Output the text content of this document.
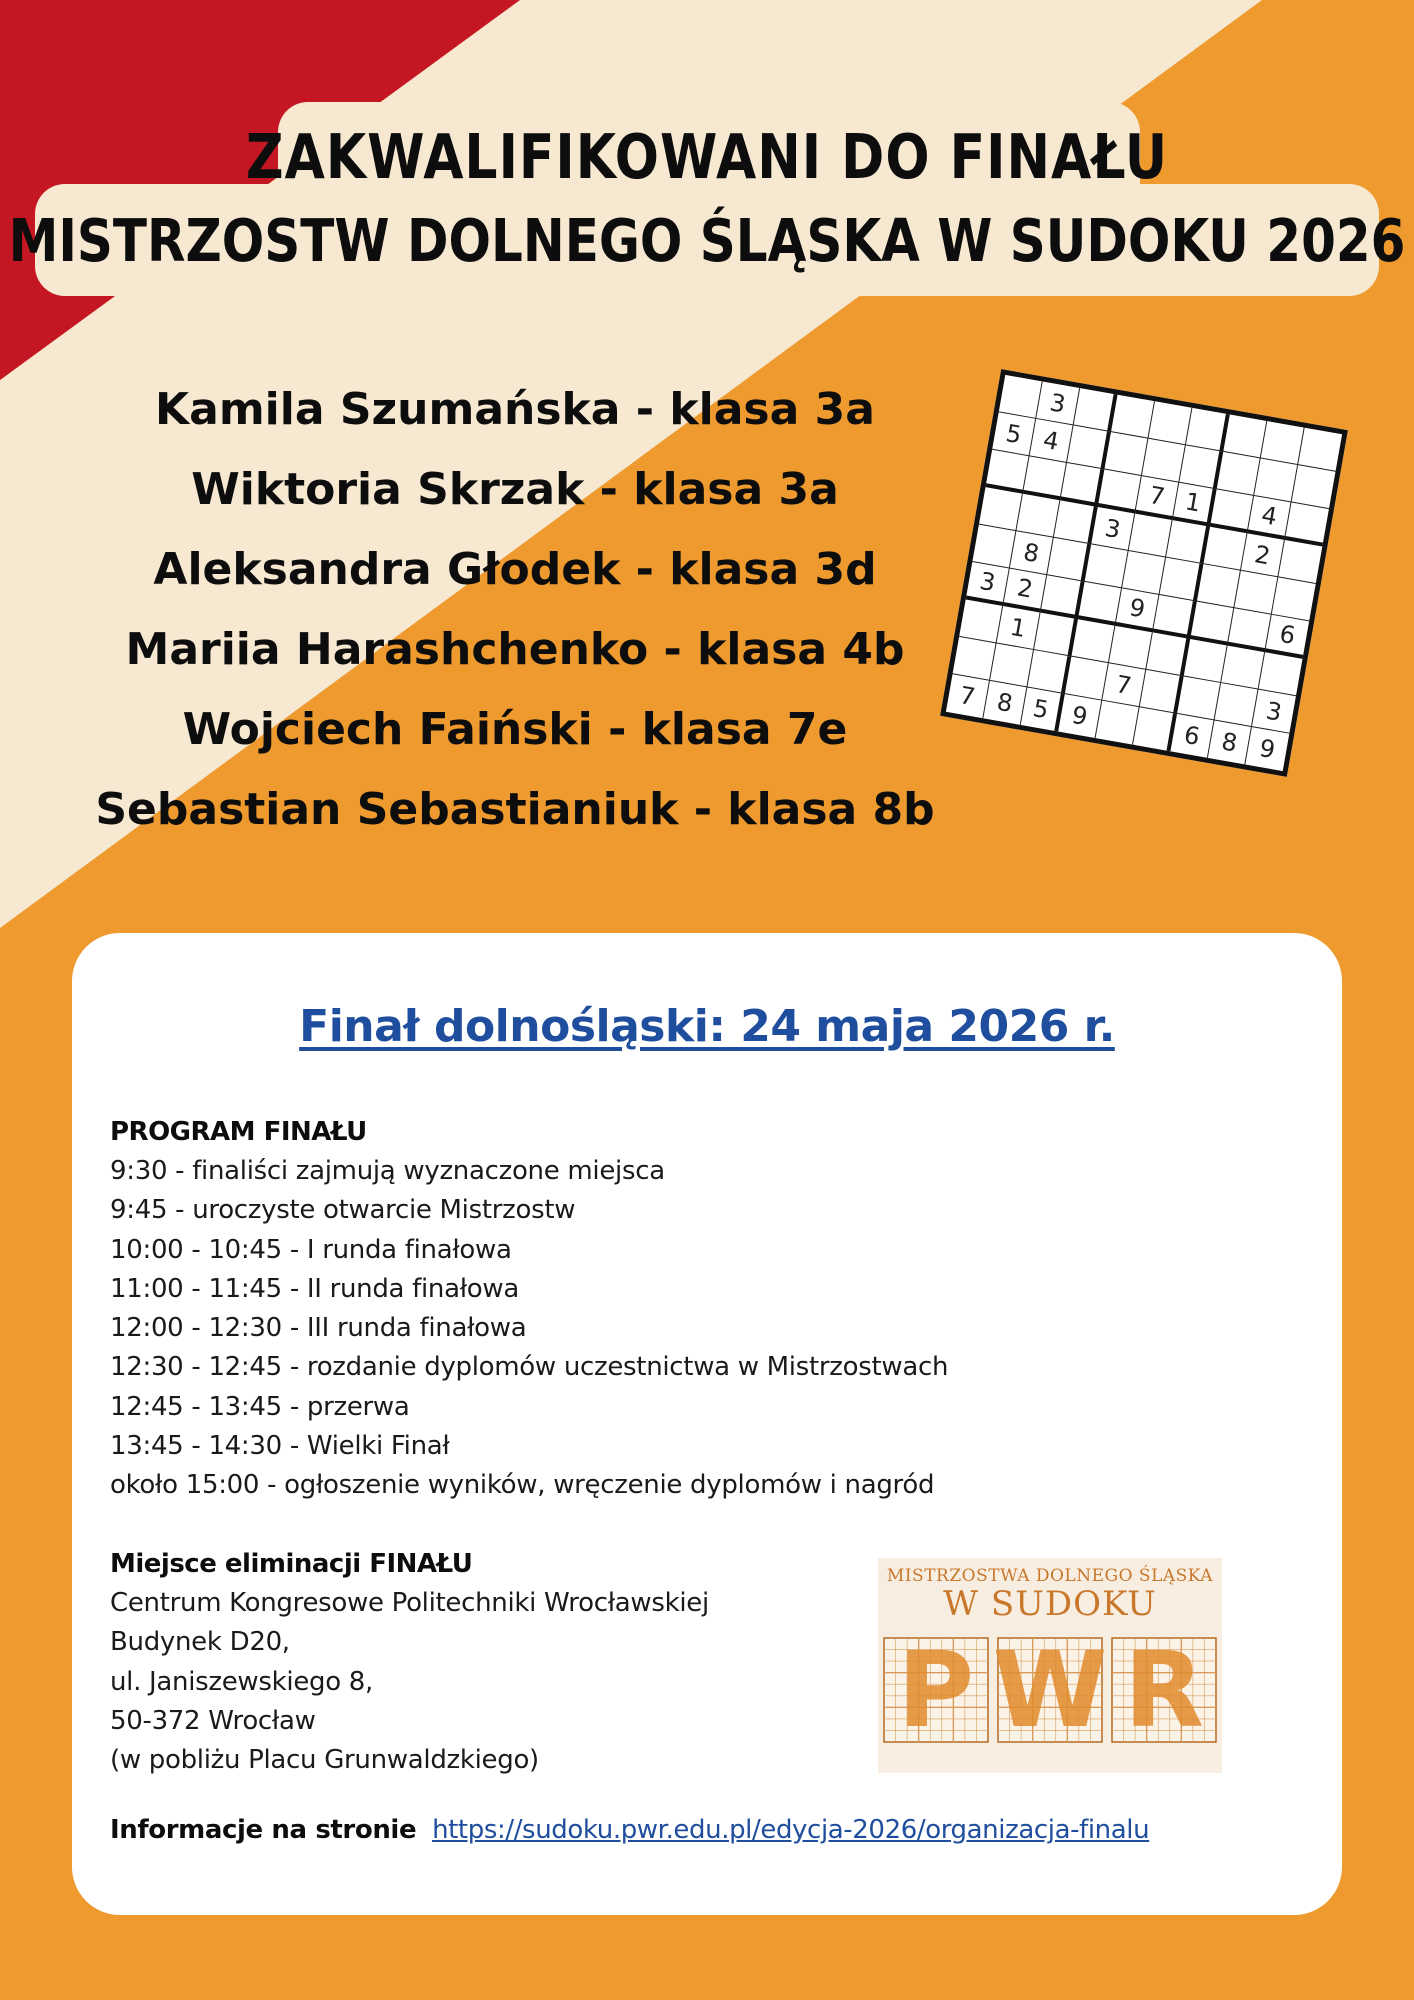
ZAKWALIFIKOWANI DO FINAŁU
MISTRZOSTW DOLNEGO ŚLĄSKA W SUDOKU 2026
Kamila Szumańska - klasa 3a
Wiktoria Skrzak - klasa 3a
Aleksandra Głodek - klasa 3d
Mariia Harashchenko - klasa 4b
Wojciech Faiński - klasa 7e
Sebastian Sebastianiuk - klasa 8b
3
5 4
7 1	4
3
2
8
3 2
9
6
1
7
3
7 8 5 9
6 8 9
Finał dolnośląski: 24 maja 2026 r.
PROGRAM FINAŁU
9:30 - finaliści zajmują wyznaczone miejsca
9:45 - uroczyste otwarcie Mistrzostw
10:00 - 10:45 - I runda finałowa
11:00 - 11:45 - II runda finałowa
12:00 - 12:30 - III runda finałowa
12:30 - 12:45 - rozdanie dyplomów uczestnictwa w Mistrzostwach
12:45 - 13:45 - przerwa
13:45 - 14:30 - Wielki Finał
około 15:00 - ogłoszenie wyników, wręczenie dyplomów i nagród
Miejsce eliminacji FINAŁU
Centrum Kongresowe Politechniki Wrocławskiej
Budynek D20,
ul. Janiszewskiego 8,
50-372 Wrocław
(w pobliżu Placu Grunwaldzkiego)
MISTRZOSTWA DOLNEGO ŚLĄSKA
W SUDOKU
P W R
Informacje na stronie https://sudoku.pwr.edu.pl/edycja-2026/organizacja-finalu
